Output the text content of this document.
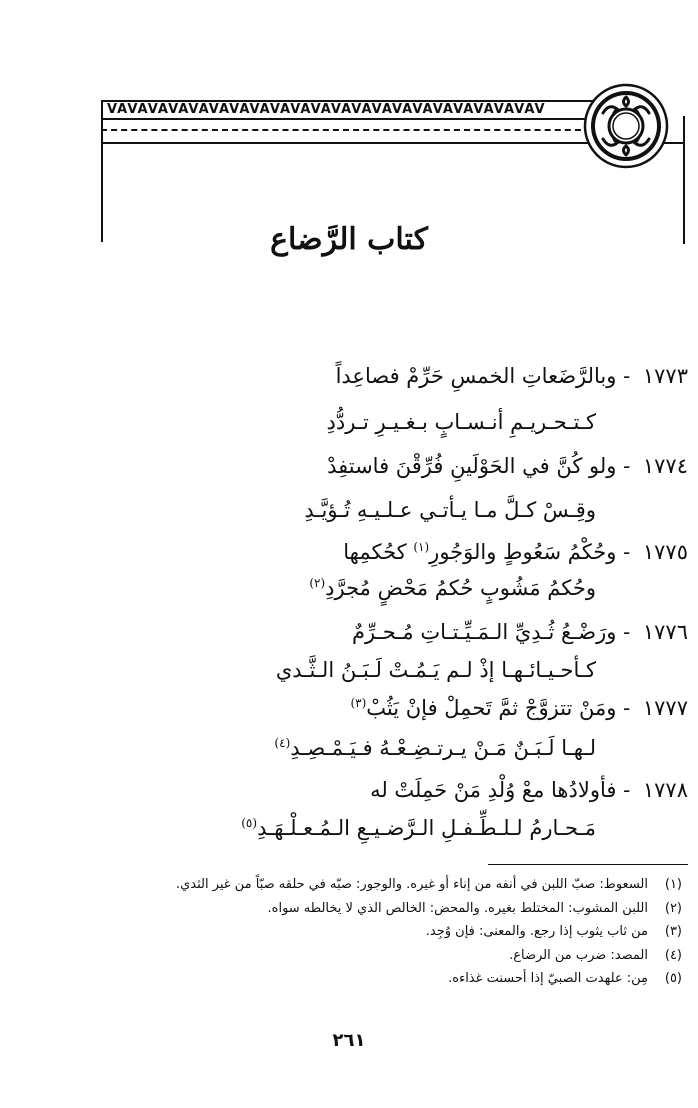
VAVAVAVAVAVAVAVAVAVAVAVAVAVAVAVAVAVAVAVAVAV
كتاب الرَّضاع
١٧٧٣ - وبالرَّضَعاتِ الخمسِ حَرِّمْ فصاعِداً
كـتـحـريـمِ أنـسـابٍ بـغـيـرِ تـردُّدِ
١٧٧٤ - ولو كُنَّ في الحَوْلَينِ فُرِّقْنَ فاستفِدْ
وقِـسْ كـلَّ مـا يـأتـي عـلـيـهِ تُـؤيَّـدِ
١٧٧٥ - وحُكْمُ سَعُوطٍ والوَجُورِ$^{(١)}$ كحُكمِها
وحُكمُ مَشُوبٍ حُكمُ مَحْضٍ مُجرَّدِ$^{(٢)}$
١٧٧٦ - ورَضْـعُ ثُـدِيِّ الـمَـيِّـتـاتِ مُـحـرِّمٌ
كـأحـيـائـهـا إذْ لـم يَـمُـتْ لَـبَـنُ الـثَّـدي
١٧٧٧ - ومَنْ تتزوَّجْ ثمَّ تَحمِلْ فإنْ يَثُبْ$^{(٣)}$
لـهـا لَـبَـنٌ مَـنْ يـرتـضِـعْـهُ فـيَـمْـصِـدِ$^{(٤)}$
١٧٧٨ - فأولادُها معْ وُلْدِ مَنْ حَمِلَتْ له
مَـحـارمُ لـلـطِّـفـلِ الـرَّضـيـعِ الـمُـعـلْـهَـدِ$^{(٥)}$
(١)السعوط: صبّ اللبن في أنفه من إناء أو غيره. والوجور: صبّه في حلقه صبّاً من غير الثدي.
(٢)اللبن المشوب: المختلط بغيره. والمحض: الخالص الذي لا يخالطه سواه.
(٣)من ثاب يثوب إذا رجع. والمعنى: فإن وُجِد.
(٤)المصد: ضرب من الرضاع.
(٥)مِن: علهدت الصبيّ إذا أحسنت غذاءه.
٢٦١
